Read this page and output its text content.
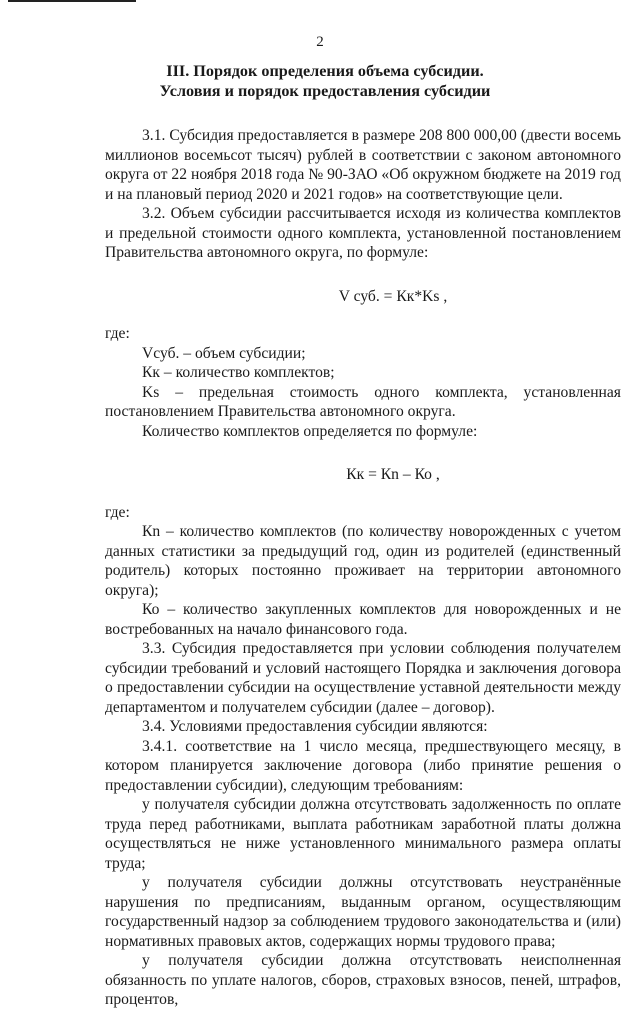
2
III. Порядок определения объема субсидии.
Условия и порядок предоставления субсидии

3.1. Субсидия предоставляется в размере 208 800 000,00 (двести восемь миллионов восемьсот тысяч) рублей в соответствии с законом автономного округа от 22 ноября 2018 года № 90-ЗАО «Об окружном бюджете на 2019 год и на плановый период 2020 и 2021 годов» на соответствующие цели.

3.2. Объем субсидии рассчитывается исходя из количества комплектов и предельной стоимости одного комплекта, установленной постановлением Правительства автономного округа, по формуле:

V суб. = Кк*Ks ,

где:

Vсуб. – объем субсидии;

Кк – количество комплектов;

Ks – предельная стоимость одного комплекта, установленная постановлением Правительства автономного округа.

Количество комплектов определяется по формуле:

Кк = Кn – Ко ,

где:

Кn – количество комплектов (по количеству новорожденных с учетом данных статистики за предыдущий год, один из родителей (единственный родитель) которых постоянно проживает на территории автономного округа);

Ко – количество закупленных комплектов для новорожденных и не востребованных на начало финансового года.

3.3. Субсидия предоставляется при условии соблюдения получателем субсидии требований и условий настоящего Порядка и заключения договора о предоставлении субсидии на осуществление уставной деятельности между департаментом и получателем субсидии (далее – договор).

3.4. Условиями предоставления субсидии являются:

3.4.1. соответствие на 1 число месяца, предшествующего месяцу, в котором планируется заключение договора (либо принятие решения о предоставлении субсидии), следующим требованиям:

у получателя субсидии должна отсутствовать задолженность по оплате труда перед работниками, выплата работникам заработной платы должна осуществляться не ниже установленного минимального размера оплаты труда;

у получателя субсидии должны отсутствовать неустранённые нарушения по предписаниям, выданным органом, осуществляющим государственный надзор за соблюдением трудового законодательства и (или) нормативных правовых актов, содержащих нормы трудового права;

у получателя субсидии должна отсутствовать неисполненная обязанность по уплате налогов, сборов, страховых взносов, пеней, штрафов, процентов,
